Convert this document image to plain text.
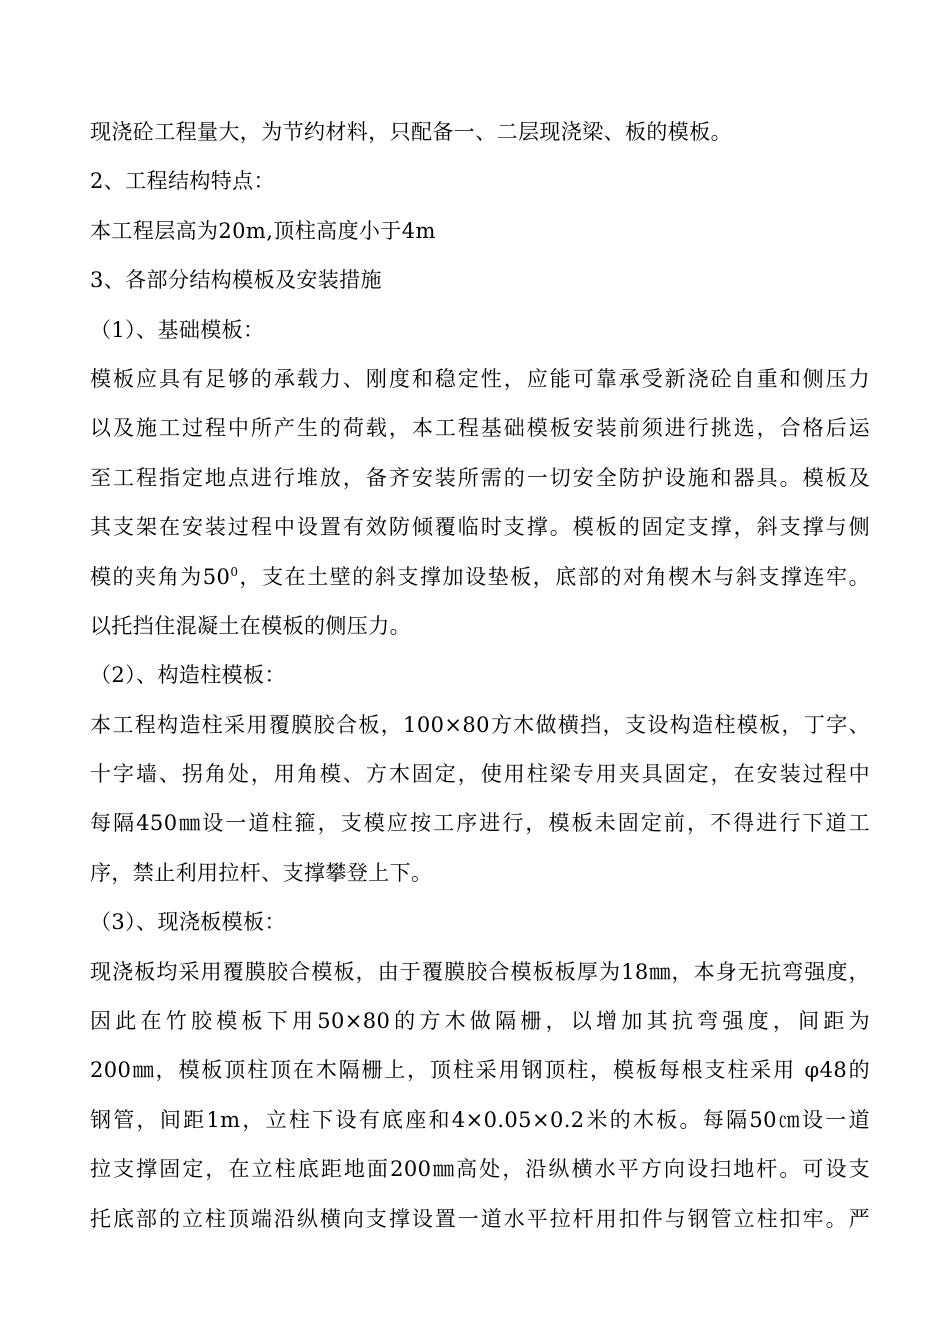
现浇砼工程量大，为节约材料，只配备一、二层现浇梁、板的模板。
2、工程结构特点：
本工程层高为20m,顶柱高度小于4m
3、各部分结构模板及安装措施
（1）、基础模板：
模板应具有足够的承载力、刚度和稳定性，应能可靠承受新浇砼自重和侧压力
以及施工过程中所产生的荷载，本工程基础模板安装前须进行挑选，合格后运
至工程指定地点进行堆放，备齐安装所需的一切安全防护设施和器具。模板及
其支架在安装过程中设置有效防倾覆临时支撑。模板的固定支撑，斜支撑与侧
模的夹角为$50^0$，支在土壁的斜支撑加设垫板，底部的对角楔木与斜支撑连牢。
以托挡住混凝土在模板的侧压力。
（2）、构造柱模板：
本工程构造柱采用覆膜胶合板，100×80方木做横挡，支设构造柱模板，丁字、
十字墙、拐角处，用角模、方木固定，使用柱梁专用夹具固定，在安装过程中
每隔450㎜设一道柱箍，支模应按工序进行，模板未固定前，不得进行下道工
序，禁止利用拉杆、支撑攀登上下。
（3）、现浇板模板：
现浇板均采用覆膜胶合模板，由于覆膜胶合模板板厚为18㎜，本身无抗弯强度，
因此在竹胶模板下用50×80的方木做隔栅，以增加其抗弯强度，间距为
200㎜，模板顶柱顶在木隔栅上，顶柱采用钢顶柱，模板每根支柱采用 φ48的
钢管，间距1m，立柱下设有底座和4×0.05×0.2米的木板。每隔50㎝设一道
拉支撑固定，在立柱底距地面200㎜高处，沿纵横水平方向设扫地杆。可设支
托底部的立柱顶端沿纵横向支撑设置一道水平拉杆用扣件与钢管立柱扣牢。严
